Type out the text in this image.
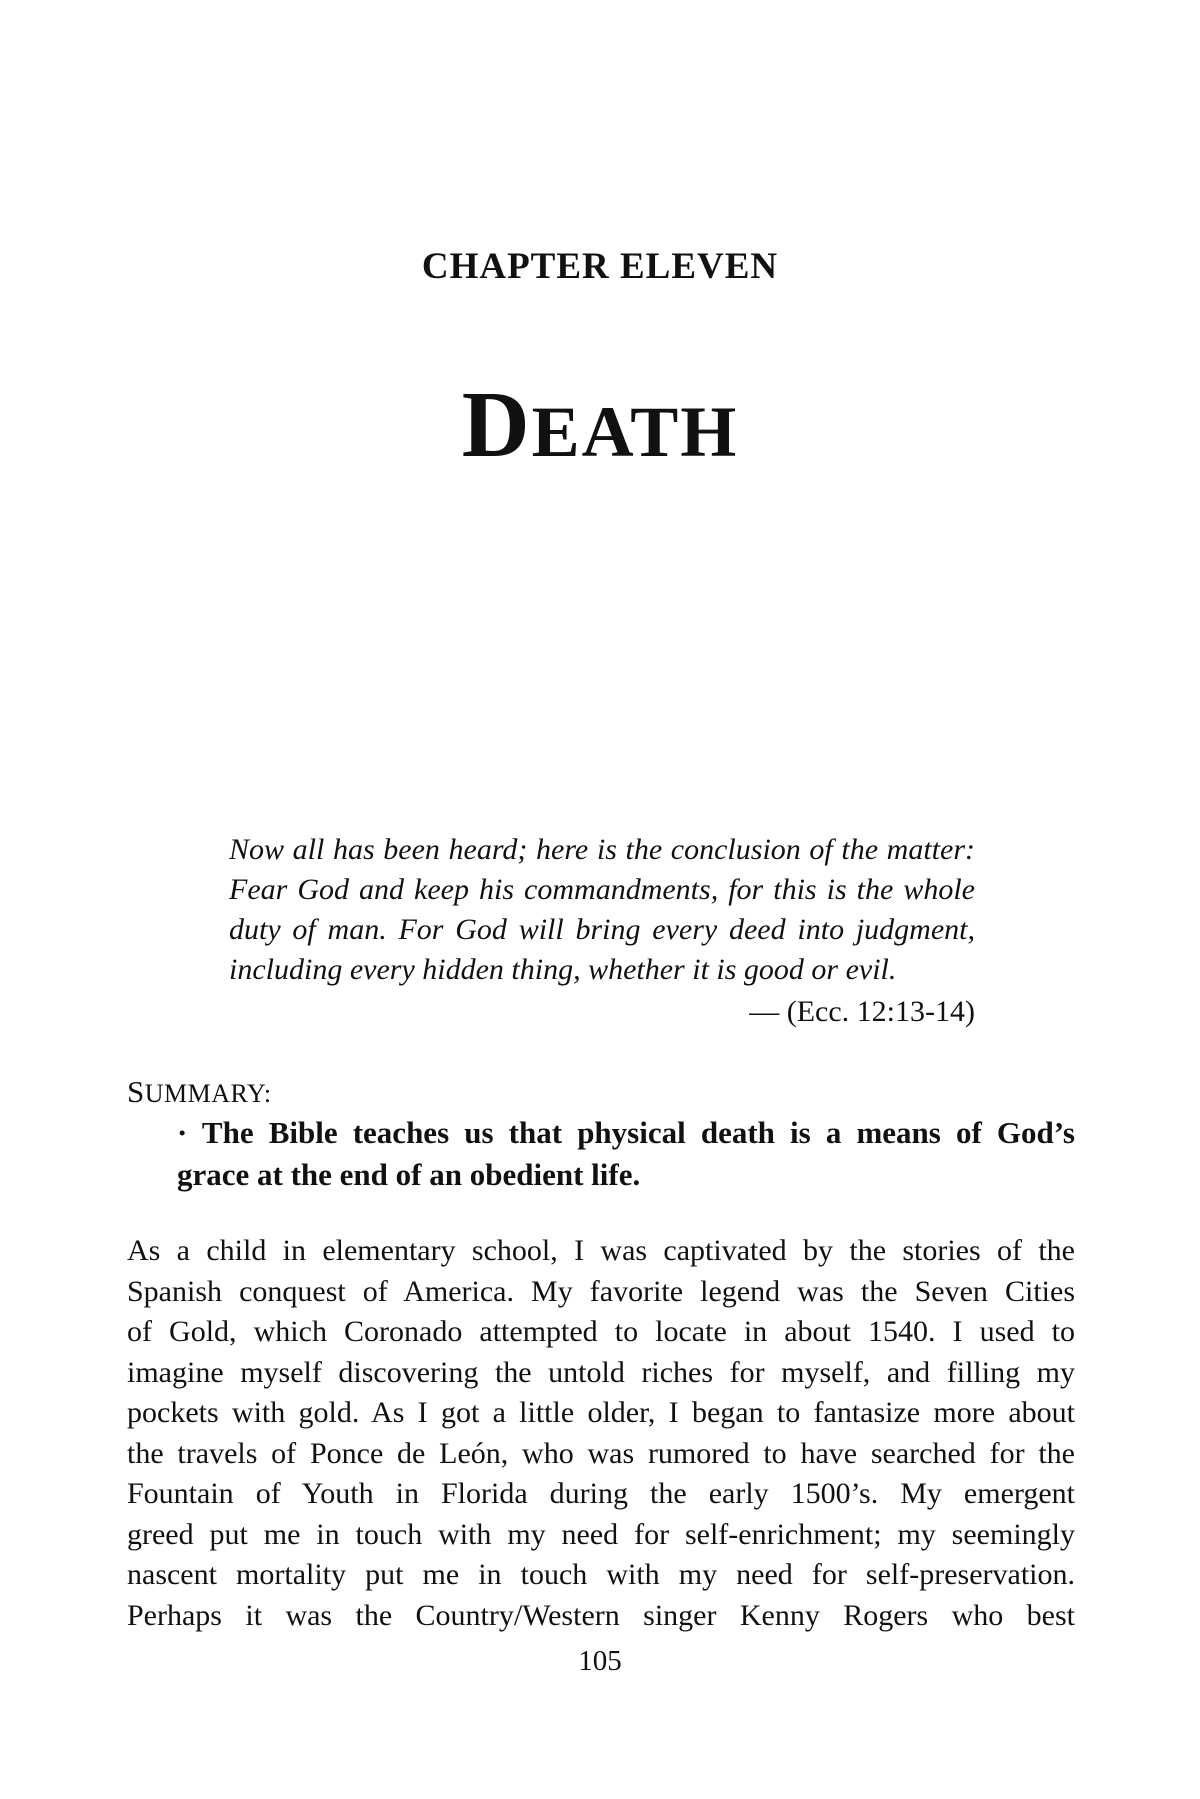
CHAPTER ELEVEN
DEATH
Now all has been heard; here is the conclusion of the matter:
Fear God and keep his commandments, for this is the whole
duty of man. For God will bring every deed into judgment,
including every hidden thing, whether it is good or evil.
— (Ecc. 12:13-14)
SUMMARY:
· The Bible teaches us that physical death is a means of God’s
grace at the end of an obedient life.
As a child in elementary school, I was captivated by the stories of the
Spanish conquest of America. My favorite legend was the Seven Cities
of Gold, which Coronado attempted to locate in about 1540. I used to
imagine myself discovering the untold riches for myself, and filling my
pockets with gold. As I got a little older, I began to fantasize more about
the travels of Ponce de León, who was rumored to have searched for the
Fountain of Youth in Florida during the early 1500’s. My emergent
greed put me in touch with my need for self-enrichment; my seemingly
nascent mortality put me in touch with my need for self-preservation.
Perhaps it was the Country/Western singer Kenny Rogers who best
105
